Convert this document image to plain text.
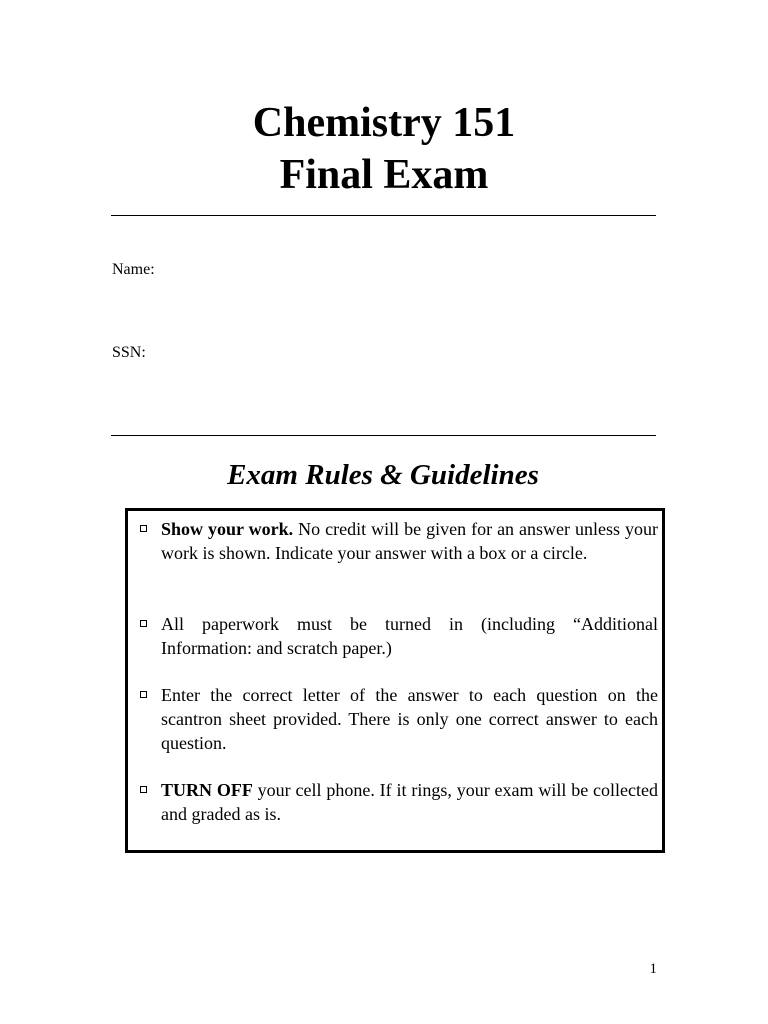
Chemistry 151
Final Exam
Name:
SSN:
Exam Rules & Guidelines
Show your work. No credit will be given for an answer unless your work is shown. Indicate your answer with a box or a circle.
All paperwork must be turned in (including “Additional Information: and scratch paper.)
Enter the correct letter of the answer to each question on the scantron sheet provided. There is only one correct answer to each question.
TURN OFF your cell phone. If it rings, your exam will be collected and graded as is.
1
